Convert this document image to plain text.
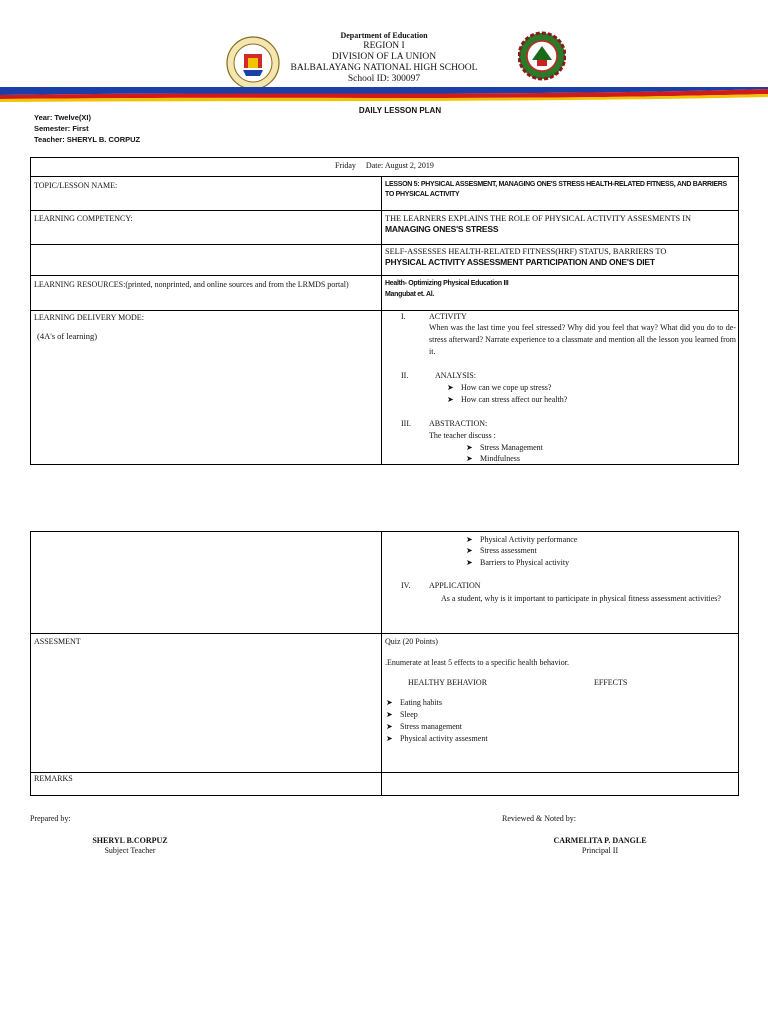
Department of Education
REGION I
DIVISION OF LA UNION
BALBALAYANG NATIONAL HIGH SCHOOL
School ID: 300097
DAILY LESSON PLAN
Year: Twelve(XI)
Semester: First
Teacher: SHERYL B. CORPUZ
Friday     Date: August 2, 2019
TOPIC/LESSON NAME:	LESSON 5: PHYSICAL ASSESMENT, MANAGING ONE'S STRESS HEALTH-RELATED FITNESS, AND BARRIERS TO PHYSICAL ACTIVITY
LEARNING COMPETENCY:	THE LEARNERS EXPLAINS THE ROLE OF PHYSICAL ACTIVITY ASSESMENTS IN
MANAGING ONES'S STRESS
SELF-ASSESSES HEALTH-RELATED FITNESS(HRF) STATUS, BARRIERS TO
PHYSICAL ACTIVITY ASSESSMENT PARTICIPATION AND ONE'S DIET
LEARNING RESOURCES:(printed, nonprinted, and online sources and from the LRMDS portal)	Health- Optimizing Physical Education III
Mangubat et. Al.
LEARNING DELIVERY MODE:
(4A's of learning)
I.	ACTIVITY
When was the last time you feel stressed? Why did you feel that way? What did you do to de- stress afterward? Narrate experience to a classmate and mention all the lesson you learned from it.
II.	ANALYSIS:
➤ How can we cope up stress?
➤ How can stress affect our health?
III. ABSTRACTION:
The teacher discuss :
➤ Stress Management
➤ Mindfulness
➤ Physical Activity performance
➤ Stress assessment
➤ Barriers to Physical activity
IV. APPLICATION
As a student, why is it important to participate in physical fitness assessment activities?
ASSESMENT	Quiz (20 Points)
.Enumerate at least 5 effects to a specific health behavior.
HEALTHY BEHAVIOR	EFFECTS
➤ Eating habits
➤ Sleep
➤ Stress management
➤ Physical activity assesment
REMARKS
Prepared by:	Reviewed & Noted by:
SHERYL B.CORPUZ
Subject Teacher
CARMELITA P. DANGLE
Principal II
